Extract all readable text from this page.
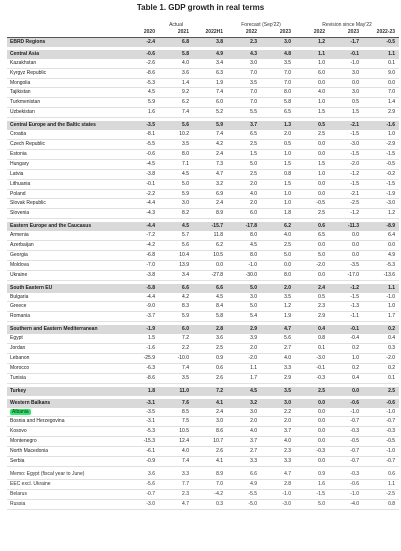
Table 1. GDP growth in real terms
	Actual			Forecast (Sep'22)		Revision since May'22		
	2020	2021	2022H1	2022	2023	2022	2023	2022-23
EBRD Regions	-2.4	6.8	3.8	2.3	3.0	1.2	-1.7	-0.5

Central Asia	-0.6	5.8	4.9	4.3	4.8	1.1	-0.1	1.1
Kazakhstan	-2.6	4.0	3.4	3.0	3.5	1.0	-1.0	0.1
Kyrgyz Republic	-8.6	3.6	6.3	7.0	7.0	6.0	3.0	9.0
Mongolia	-5.3	1.4	1.9	3.5	7.0	0.0	0.0	0.0
Tajikistan	4.5	9.2	7.4	7.0	8.0	4.0	3.0	7.0
Turkmenistan	5.9	6.2	6.0	7.0	5.8	1.0	0.5	1.4
Uzbekistan	1.6	7.4	5.2	5.5	6.5	1.5	1.5	2.9

Central Europe and the Baltic states	-3.5	5.6	5.9	3.7	1.3	0.5	-2.1	-1.6
Croatia	-8.1	10.2	7.4	6.5	2.0	2.5	-1.5	1.0
Czech Republic	-5.5	3.5	4.2	2.5	0.5	0.0	-3.0	-2.9
Estonia	-0.6	8.0	2.4	1.5	1.0	0.0	-1.5	-1.5
Hungary	-4.5	7.1	7.3	5.0	1.5	1.5	-2.0	-0.5
Latvia	-3.8	4.5	4.7	2.5	0.8	1.0	-1.2	-0.2
Lithuania	-0.1	5.0	3.2	2.0	1.5	0.0	-1.5	-1.5
Poland	-2.2	5.9	6.9	4.0	1.0	0.0	-2.1	-1.9
Slovak Republic	-4.4	3.0	2.4	2.0	1.0	-0.5	-2.5	-3.0
Slovenia	-4.3	8.2	8.9	6.0	1.8	2.5	-1.2	1.2

Eastern Europe and the Caucasus	-4.4	4.5	-15.7	-17.8	6.2	0.6	-11.3	-8.9
Armenia	-7.2	5.7	11.8	8.0	4.0	6.5	0.0	6.4
Azerbaijan	-4.2	5.6	6.2	4.5	2.5	0.0	0.0	0.0
Georgia	-6.8	10.4	10.5	8.0	5.0	5.0	0.0	4.9
Moldova	-7.0	13.9	0.0	-1.0	0.0	-2.0	-3.5	-5.3
Ukraine	-3.8	3.4	-27.8	-30.0	8.0	0.0	-17.0	-13.6

South Eastern EU	-5.8	6.6	6.6	5.0	2.0	2.4	-1.2	1.1
Bulgaria	-4.4	4.2	4.5	3.0	3.5	0.5	-1.5	-1.0
Greece	-9.0	8.3	8.4	5.0	1.2	2.3	-1.3	1.0
Romania	-3.7	5.9	5.8	5.4	1.9	2.9	-1.1	1.7

Southern and Eastern Mediterranean	-1.9	6.0	2.8	2.9	4.7	0.4	-0.1	0.2
Egypt	1.5	7.2	3.6	3.9	5.6	0.8	-0.4	0.4
Jordan	-1.6	2.2	2.5	2.0	2.7	0.1	0.2	0.3
Lebanon	-25.9	-10.0	0.9	-2.0	4.0	-3.0	1.0	-2.0
Morocco	-6.3	7.4	0.6	1.1	3.3	-0.1	0.2	0.2
Tunisia	-8.6	3.5	2.6	1.7	2.9	-0.3	0.4	0.1

Turkey	1.8	11.0	7.2	4.5	3.5	2.5	0.0	2.5

Western Balkans	-3.1	7.6	4.1	3.2	3.0	0.0	-0.6	-0.6
Albania	-3.5	8.5	2.4	3.0	2.2	0.0	-1.0	-1.0
Bosnia and Herzegovina	-3.1	7.5	3.0	2.0	2.0	0.0	-0.7	-0.7
Kosovo	-5.3	10.5	8.6	4.0	3.7	0.0	-0.3	-0.3
Montenegro	-15.3	12.4	10.7	3.7	4.0	0.0	-0.5	-0.5
North Macedonia	-6.1	4.0	2.6	2.7	2.3	-0.3	-0.7	-1.0
Serbia	-0.9	7.4	4.1	3.3	3.3	0.0	-0.7	-0.7

Memo: Egypt (fiscal year to June)	3.6	3.3	8.9	6.6	4.7	0.9	-0.3	0.6
EEC excl. Ukraine	-5.6	7.7	7.0	4.9	2.8	1.6	-0.6	1.1
Belarus	-0.7	2.3	-4.2	-5.5	-1.0	-1.5	-1.0	-2.5
Russia	-3.0	4.7	0.3	-5.0	-3.0	5.0	-4.0	0.8
